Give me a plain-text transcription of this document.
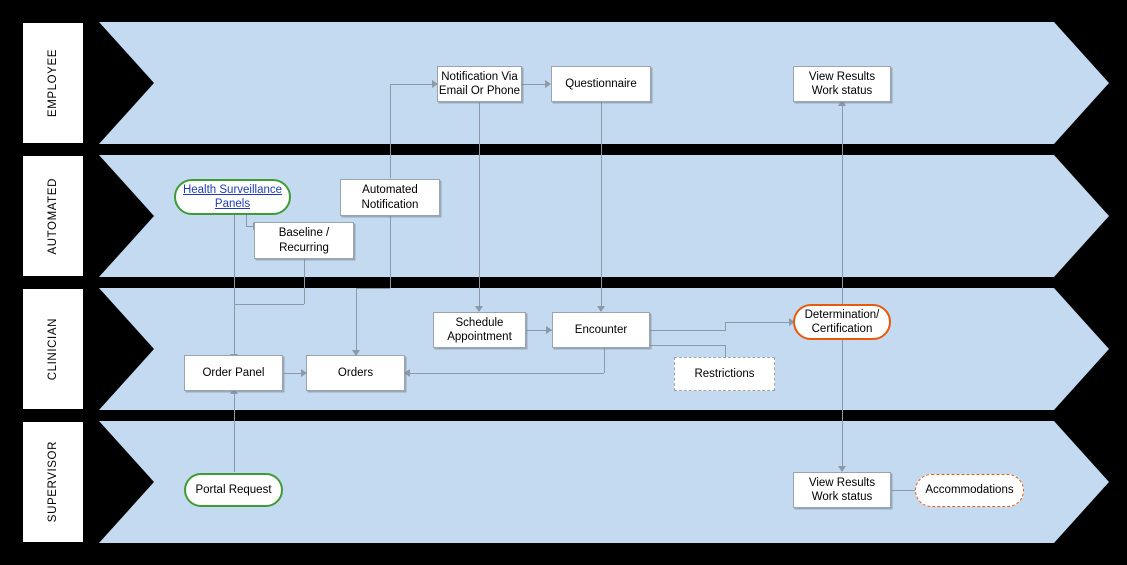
EMPLOYEE
AUTOMATED
CLINICIAN
SUPERVISOR
Notification Via
Email Or Phone
Questionnaire
View Results
Work status
Health Surveillance
Panels
Automated
Notification
Baseline /
Recurring
Schedule
Appointment
Encounter
Determination/
Certification
Order Panel	Orders	Restrictions
Portal Request
View Results
Work status
Accommodations
